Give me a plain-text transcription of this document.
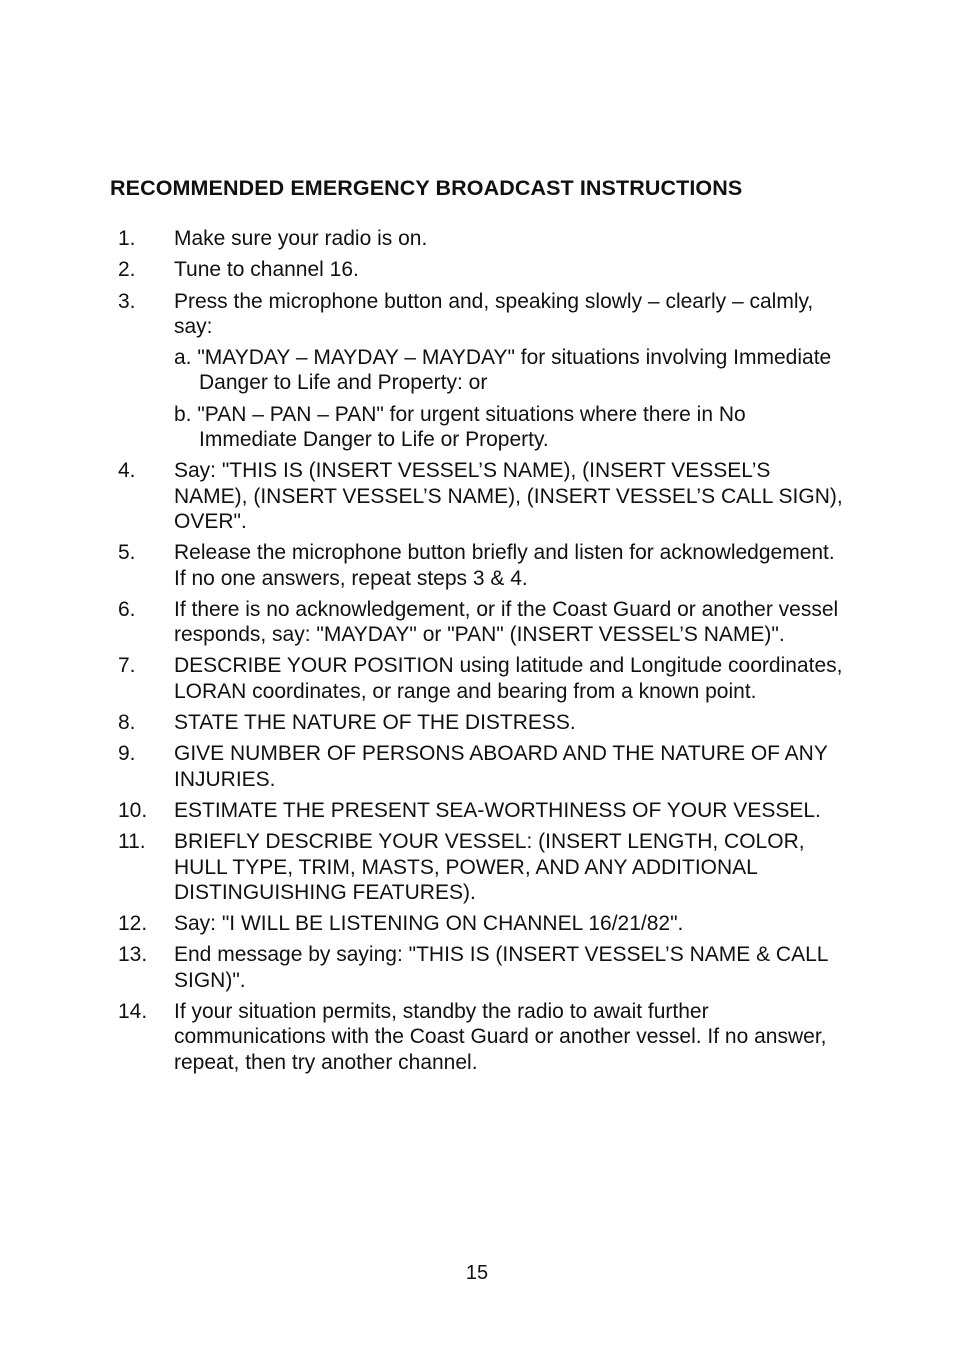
RECOMMENDED EMERGENCY BROADCAST INSTRUCTIONS
1.	Make sure your radio is on.
2.	Tune to channel 16.
3.	Press the microphone button and, speaking slowly – clearly – calmly, say:
a. "MAYDAY – MAYDAY – MAYDAY" for situations involving Immediate Danger to Life and Property: or
b. "PAN – PAN – PAN" for urgent situations where there in No Immediate Danger to Life or Property.
4.	Say: "THIS IS (INSERT VESSEL’S NAME), (INSERT VESSEL’S NAME), (INSERT VESSEL’S NAME), (INSERT VESSEL’S CALL SIGN), OVER".
5.	Release the microphone button briefly and listen for acknowledgement. If no one answers, repeat steps 3 & 4.
6.	If there is no acknowledgement, or if the Coast Guard or another vessel responds, say: "MAYDAY" or "PAN" (INSERT VESSEL’S NAME)".
7.	DESCRIBE YOUR POSITION using latitude and Longitude coordinates, LORAN coordinates, or range and bearing from a known point.
8.	STATE THE NATURE OF THE DISTRESS.
9.	GIVE NUMBER OF PERSONS ABOARD AND THE NATURE OF ANY INJURIES.
10.	ESTIMATE THE PRESENT SEA-WORTHINESS OF YOUR VESSEL.
11.	BRIEFLY DESCRIBE YOUR VESSEL: (INSERT LENGTH, COLOR, HULL TYPE, TRIM, MASTS, POWER, AND ANY ADDITIONAL DISTINGUISHING FEATURES).
12.	Say: "I WILL BE LISTENING ON CHANNEL 16/21/82".
13.	End message by saying: "THIS IS (INSERT VESSEL’S NAME & CALL SIGN)".
14.	If your situation permits, standby the radio to await further communications with the Coast Guard or another vessel. If no answer, repeat, then try another channel.
15
